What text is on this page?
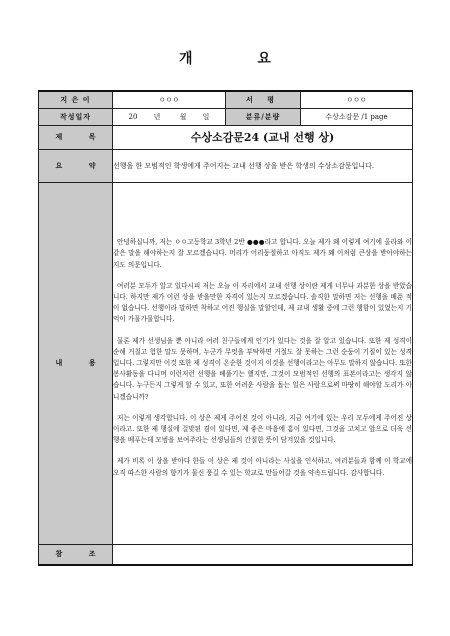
개 요
지 은 이	ㅇㅇㅇ	서 평	ㅇㅇㅇ
작성일자	20 년 월 일	분류/분량	수상소감문 /1 page
제 목	수상소감문24 (교내 선행 상)		
요 약	선행을 한 모범적인 학생에게 주어지는 교내 선행 상을 받은 학생의 수상소감문입니다.		
내 용	안녕하십니까, 저는 ㅇㅇ고등학교 3학년 2반 ●●●라고 합니다. 오늘 제가 왜 이렇게 여기에 올라와 이 같은 말을 해야하는지 잘 모르겠습니다. 머리가 어리둥절하고 아직도 제가 왜 이처럼 큰상을 받아야하는지도 의문입니다.

여러분 모두가 알고 있다시피 저는 오늘 이 자리에서 교내 선행 상이란 제게 너무나 과분한 상을 받았습니다. 하지만 제가 이런 상을 받을만한 자격이 있는지 모르겠습니다. 솔직한 말하면 저는 선행을 베푼 적이 없습니다. 선행이라 말하면 착하고 어진 행실을 말할인데, 제 교내 생활 중에 그런 행함이 있었는지 기억이 가물가물합니다.

물론 제가 선생님을 뿐 아니라 여러 친구들에게 인기가 있다는 것을 잘 알고 있습니다. 또한 제 성격이 순해 거칠고 험한 말도 못하며, 누군가 무엇을 부탁하면 거절도 잘 못하는 그런 순둥이 기질이 있는 성격입니다. 그렇지만 이것 또한 제 성격이 온순한 것이지 이것을 선행이라고는 아무도 말하지 않습니다. 또한 봉사활동을 다니며 이런저런 선행을 베풀기는 했지만, 그것이 모범적인 선행의 표본이라고는 생각지 않습니다. 누구든지 그렇게 할 수 있고, 또한 어려운 사람을 돕는 일은 사람으로써 마땅히 해야할 도리가 아니겠습니까?

저는 이렇게 생각합니다. 이 상은 제게 주어진 것이 아니라, 지금 여기에 있는 우리 모두에게 주어진 상이라고. 또한 제 행실에 걸맞된 겸이 있다면, 제 좋은 마음에 흠이 있다면, 그것을 고치고 앞으로 더욱 선행을 베푸는데 모범을 보여주라는 선생님들의 간절한 뜻이 담겨있을 것입니다.

제가 비록 이 상을 받아다 한들 이 상은 제 것이 아니라는 사실을 인식하고, 여러분들과 함께 이 학교에 오직 따스한 사람의 향기가 물신 풍길 수 있는 학교로 만들어갈 것을 약속드립니다. 감사합니다.		

참 조			
